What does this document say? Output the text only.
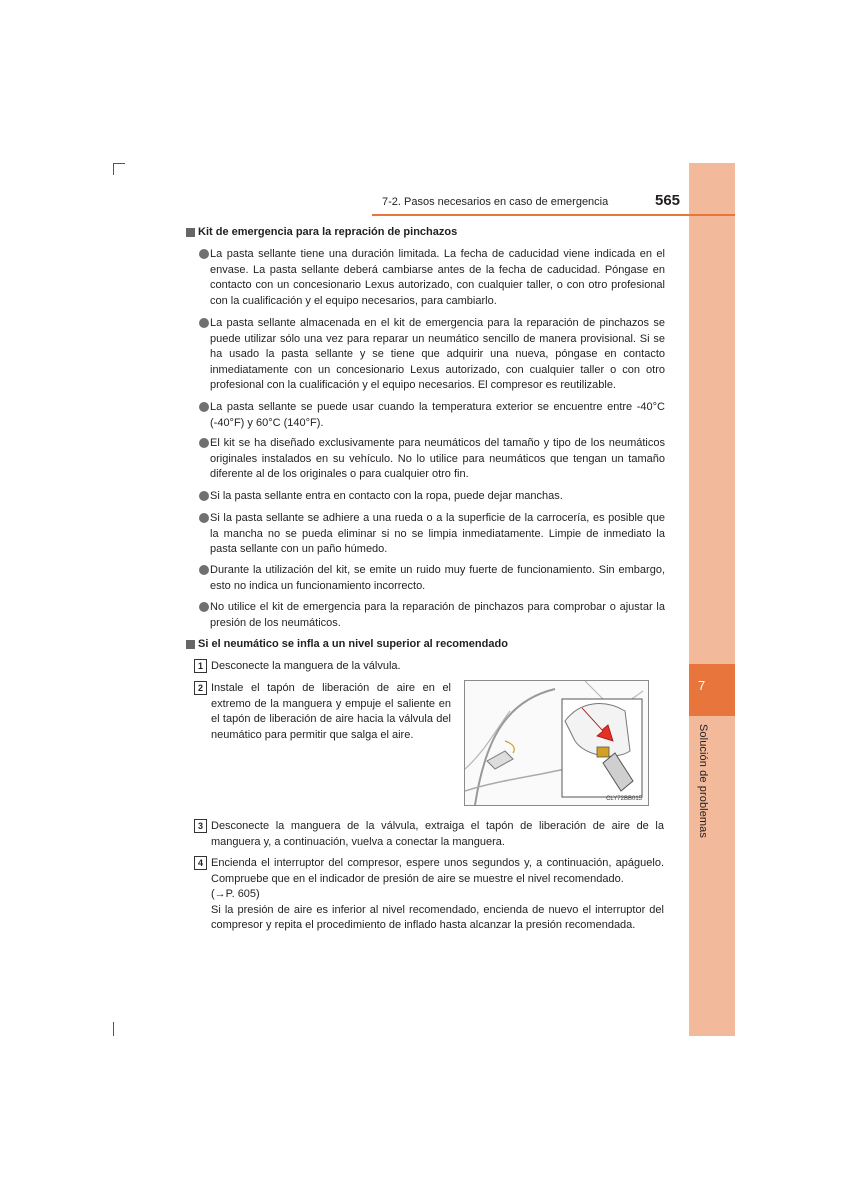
7
Solución de problemas
7-2. Pasos necesarios en caso de emergencia	565
Kit de emergencia para la repración de pinchazos
La pasta sellante tiene una duración limitada. La fecha de caducidad viene indicada en el envase. La pasta sellante deberá cambiarse antes de la fecha de caducidad. Póngase en contacto con un concesionario Lexus autorizado, con cualquier taller, o con otro profesional con la cualificación y el equipo necesarios, para cambiarlo.
La pasta sellante almacenada en el kit de emergencia para la reparación de pinchazos se puede utilizar sólo una vez para reparar un neumático sencillo de manera provisional. Si se ha usado la pasta sellante y se tiene que adquirir una nueva, póngase en contacto inmediatamente con un concesionario Lexus autorizado, con cualquier taller o con otro profesional con la cualificación y el equipo necesarios. El compresor es reutilizable.
La pasta sellante se puede usar cuando la temperatura exterior se encuentre entre -40°C (-40°F) y 60°C (140°F).
El kit se ha diseñado exclusivamente para neumáticos del tamaño y tipo de los neumáticos originales instalados en su vehículo. No lo utilice para neumáticos que tengan un tamaño diferente al de los originales o para cualquier otro fin.
Si la pasta sellante entra en contacto con la ropa, puede dejar manchas.
Si la pasta sellante se adhiere a una rueda o a la superficie de la carrocería, es posible que la mancha no se pueda eliminar si no se limpia inmediatamente. Limpie de inmediato la pasta sellante con un paño húmedo.
Durante la utilización del kit, se emite un ruido muy fuerte de funcionamiento. Sin embargo, esto no indica un funcionamiento incorrecto.
No utilice el kit de emergencia para la reparación de pinchazos para comprobar o ajustar la presión de los neumáticos.
Si el neumático se infla a un nivel superior al recomendado
1 Desconecte la manguera de la válvula.
2 Instale el tapón de liberación de aire en el extremo de la manguera y empuje el saliente en el tapón de liberación de aire hacia la válvula del neumático para permitir que salga el aire.
CLY72BB015
3 Desconecte la manguera de la válvula, extraiga el tapón de liberación de aire de la manguera y, a continuación, vuelva a conectar la manguera.
4 Encienda el interruptor del compresor, espere unos segundos y, a continuación, apáguelo. Compruebe que en el indicador de presión de aire se muestre el nivel recomendado.
(→P. 605)
Si la presión de aire es inferior al nivel recomendado, encienda de nuevo el interruptor del compresor y repita el procedimiento de inflado hasta alcanzar la presión recomendada.
